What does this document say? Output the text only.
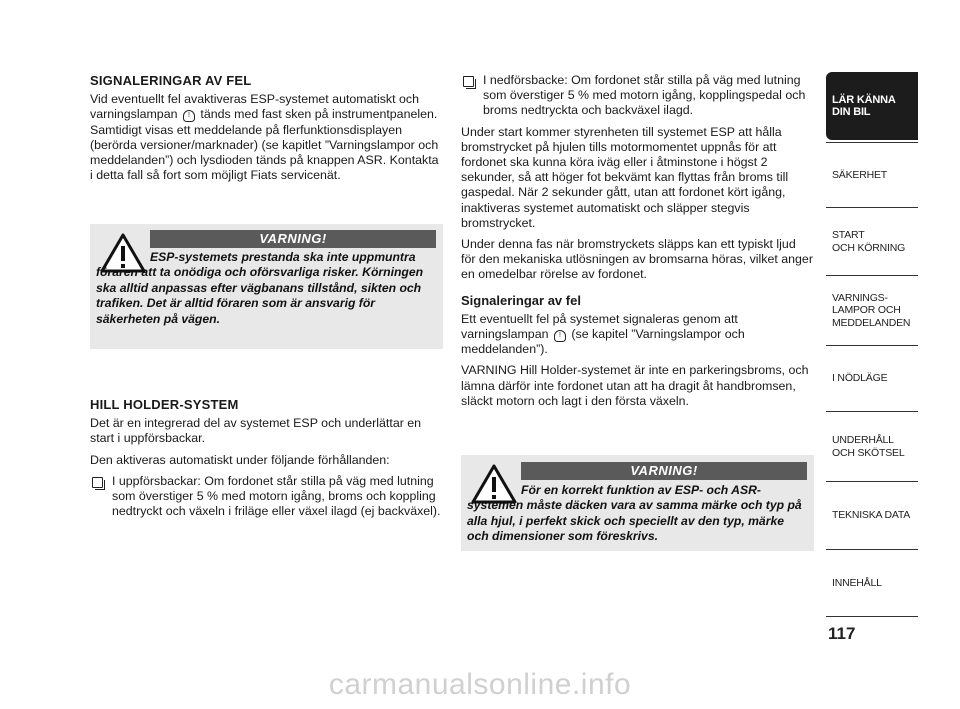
SIGNALERINGAR AV FEL

Vid eventuellt fel avaktiveras ESP-systemet automatiskt och varningslampan ! tänds med fast sken på instrumentpanelen. Samtidigt visas ett meddelande på flerfunktionsdisplayen (berörda versioner/marknader) (se kapitlet ”Varningslampor och meddelanden”) och lysdioden tänds på knappen ASR. Kontakta i detta fall så fort som möjligt Fiats servicenät.

VARNING!
ESP-systemets prestanda ska inte uppmuntra föraren att ta onödiga och oförsvarliga risker. Körningen ska alltid anpassas efter vägbanans tillstånd, sikten och trafiken. Det är alltid föraren som är ansvarig för säkerheten på vägen.
HILL HOLDER-SYSTEM

Det är en integrerad del av systemet ESP och underlättar en start i uppförsbackar.

Den aktiveras automatiskt under följande förhållanden:

I uppförsbackar: Om fordonet står stilla på väg med lutning som överstiger 5 % med motorn igång, broms och koppling nedtryckt och växeln i friläge eller växel ilagd (ej backväxel).
I nedförsbacke: Om fordonet står stilla på väg med lutning som överstiger 5 % med motorn igång, kopplingspedal och broms nedtryckta och backväxel ilagd.

Under start kommer styrenheten till systemet ESP att hålla bromstrycket på hjulen tills motormomentet uppnås för att fordonet ska kunna köra iväg eller i åtminstone i högst 2 sekunder, så att höger fot bekvämt kan flyttas från broms till gaspedal. När 2 sekunder gått, utan att fordonet kört igång, inaktiveras systemet automatiskt och släpper stegvis bromstrycket.

Under denna fas när bromstryckets släpps kan ett typiskt ljud för den mekaniska utlösningen av bromsarna höras, vilket anger en omedelbar rörelse av fordonet.

Signaleringar av fel

Ett eventuellt fel på systemet signaleras genom att varningslampan ! (se kapitel ”Varningslampor och meddelanden”).

VARNING Hill Holder-systemet är inte en parkeringsbroms, och lämna därför inte fordonet utan att ha dragit åt handbromsen, släckt motorn och lagt i den första växeln.

VARNING!
För en korrekt funktion av ESP- och ASR-systemen måste däcken vara av samma märke och typ på alla hjul, i perfekt skick och speciellt av den typ, märke och dimensioner som föreskrivs.
LÄR KÄNNA
DIN BIL
SÄKERHET
START
OCH KÖRNING
VARNINGS-
LAMPOR OCH
MEDDELANDEN
I NÖDLÄGE
UNDERHÅLL
OCH SKÖTSEL
TEKNISKA DATA
INNEHÅLL
117
carmanualsonline.info
